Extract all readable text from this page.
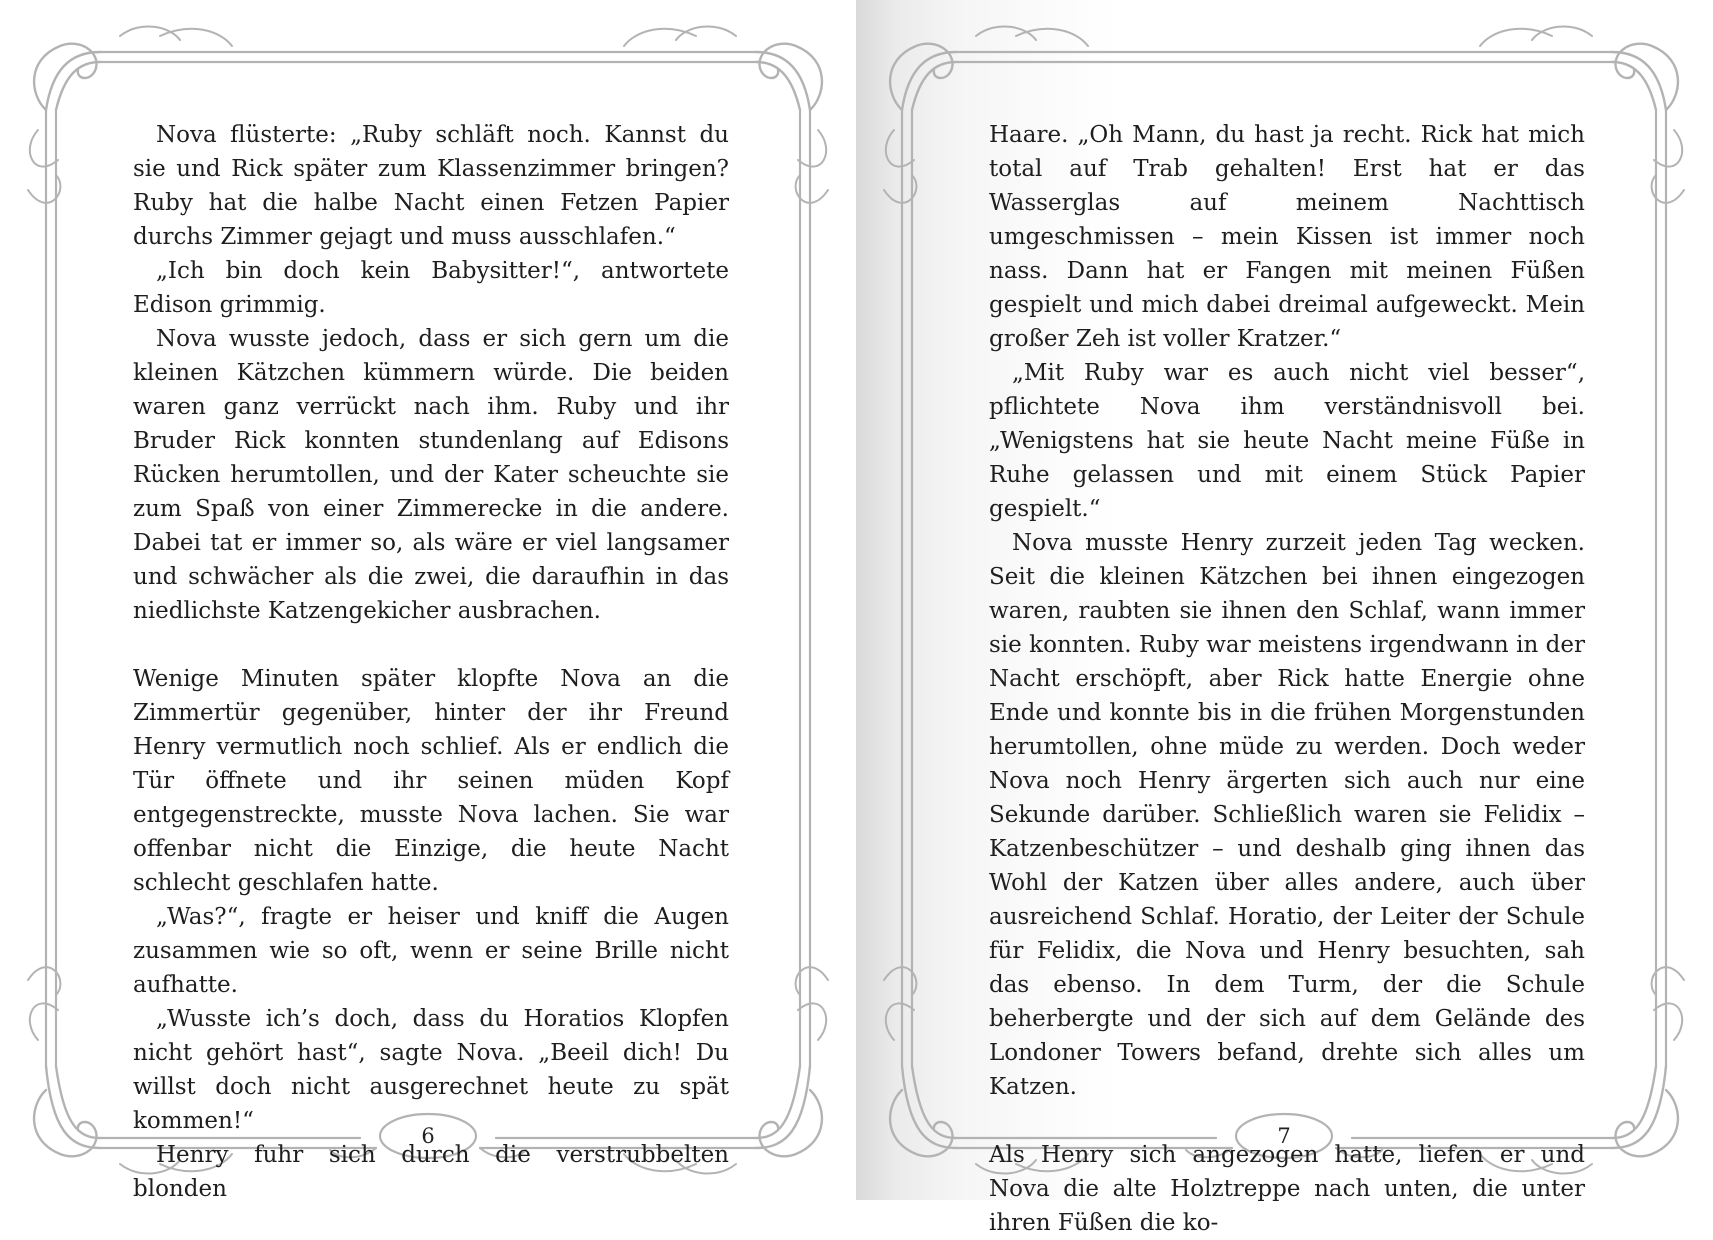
Nova flüsterte: „Ruby schläft noch. Kannst du sie und Rick später zum Klassenzimmer bringen? Ruby hat die halbe Nacht einen Fetzen Papier durchs Zimmer gejagt und muss ausschlafen.“

„Ich bin doch kein Babysitter!“, antwortete Edison grimmig.

Nova wusste jedoch, dass er sich gern um die kleinen Kätzchen kümmern würde. Die beiden waren ganz verrückt nach ihm. Ruby und ihr Bruder Rick konnten stundenlang auf Edisons Rücken herumtollen, und der Kater scheuchte sie zum Spaß von einer Zimmerecke in die andere. Dabei tat er immer so, als wäre er viel langsamer und schwächer als die zwei, die daraufhin in das niedlichste Katzengekicher ausbrachen.

Wenige Minuten später klopfte Nova an die Zimmertür gegenüber, hinter der ihr Freund Henry vermutlich noch schlief. Als er endlich die Tür öffnete und ihr seinen müden Kopf entgegenstreckte, musste Nova lachen. Sie war offenbar nicht die Einzige, die heute Nacht schlecht geschlafen hatte.

„Was?“, fragte er heiser und kniff die Augen zusammen wie so oft, wenn er seine Brille nicht aufhatte.

„Wusste ich’s doch, dass du Horatios Klopfen nicht gehört hast“, sagte Nova. „Beeil dich! Du willst doch nicht ausgerechnet heute zu spät kommen!“

Henry fuhr sich durch die verstrubbelten blonden

6

Haare. „Oh Mann, du hast ja recht. Rick hat mich total auf Trab gehalten! Erst hat er das Wasserglas auf meinem Nachttisch umgeschmissen – mein Kissen ist immer noch nass. Dann hat er Fangen mit meinen Füßen gespielt und mich dabei dreimal aufgeweckt. Mein großer Zeh ist voller Kratzer.“

„Mit Ruby war es auch nicht viel besser“, pflichtete Nova ihm verständnisvoll bei. „Wenigstens hat sie heute Nacht meine Füße in Ruhe gelassen und mit einem Stück Papier gespielt.“

Nova musste Henry zurzeit jeden Tag wecken. Seit die kleinen Kätzchen bei ihnen eingezogen waren, raubten sie ihnen den Schlaf, wann immer sie konnten. Ruby war meistens irgendwann in der Nacht erschöpft, aber Rick hatte Energie ohne Ende und konnte bis in die frühen Morgenstunden herumtollen, ohne müde zu werden. Doch weder Nova noch Henry ärgerten sich auch nur eine Sekunde darüber. Schließlich waren sie Felidix – Katzenbeschützer – und deshalb ging ihnen das Wohl der Katzen über alles andere, auch über ausreichend Schlaf. Horatio, der Leiter der Schule für Felidix, die Nova und Henry besuchten, sah das ebenso. In dem Turm, der die Schule beherbergte und der sich auf dem Gelände des Londoner Towers befand, drehte sich alles um Katzen.

Als Henry sich angezogen hatte, liefen er und Nova die alte Holztreppe nach unten, die unter ihren Füßen die ko-

7
